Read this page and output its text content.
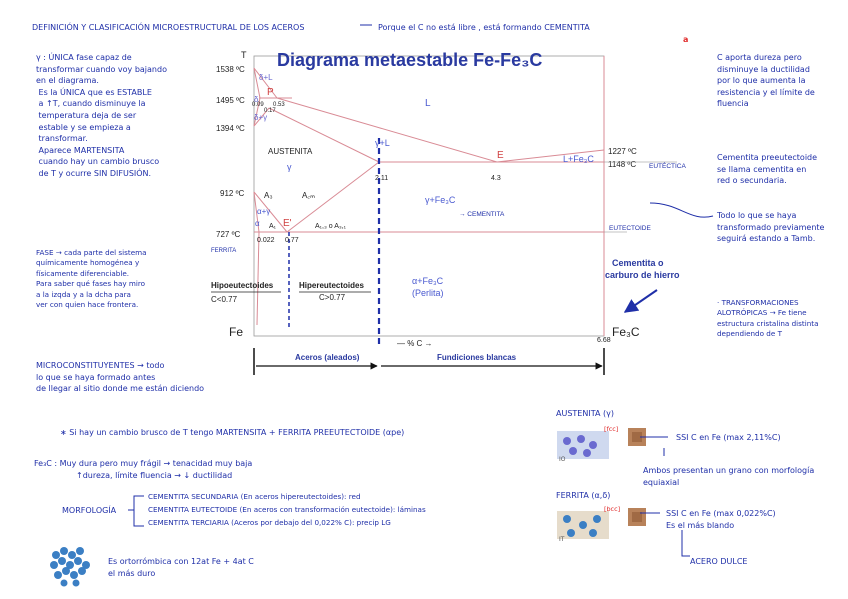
DEFINICIÓN Y CLASIFICACIÓN MICROESTRUCTURAL DE LOS ACEROS	Porque el C no está libre , está formando CEMENTITA
a
γ : ÚNICA fase capaz de
transformar cuando voy bajando
en el diagrama.
Es la ÚNICA que es ESTABLE
a ↑T, cuando disminuye la
temperatura deja de ser
estable y se empieza a
transformar.
Aparece MARTENSITA
cuando hay un cambio brusco
de T y ocurre SIN DIFUSIÓN.
FASE → cada parte del sistema
químicamente homogénea y
físicamente diferenciable.
Para saber qué fases hay miro
a la izqda y a la dcha para
ver con quien hace frontera.
MICROCONSTITUYENTES → todo
lo que se haya formado antes
de llegar al sitio donde me están diciendo
C aporta dureza pero
disminuye la ductilidad
por lo que aumenta la
resistencia y el límite de
fluencia
Cementita preeutectoide
se llama cementita en
red o secundaria.
Todo lo que se haya
transformado previamente
seguirá estando a Tamb.
· TRANSFORMACIONES
ALOTRÓPICAS → Fe tiene
estructura cristalina distinta
dependiendo de T
Diagrama metaestable Fe-Fe₃C
T
1538 ºC
1495 ºC
1394 ºC
912 ºC
727 ºC
1227 ºC
1148 ºC
δ+L
L
δ+γ
δ
AUSTENITA
γ
γ+L
L+Fe₃C
A₃	A꜀ₘ
α+γ
α A₁	A₁,₃ o A₃,₁
γ+Fe₃C
α+Fe₃C
(Perlita)
P
E
E'
0.09
0.17
0.53
0.022 0.77
2.11	4.3
6.68
Hipoeutectoides
C<0.77
Hipereutectoides
C>0.77
Cementita o
carburo de hierro
Fe	Fe₃C
— % C →
Aceros (aleados)	Fundiciones blancas
FERRITA
→ CEMENTITA
EUTÉCTICA
EUTECTOIDE
∗ Si hay un cambio brusco de T tengo MARTENSITA + FERRITA PREEUTECTOIDE (αpe)
Fe₃C : Muy dura pero muy frágil → tenacidad muy baja
↑dureza, límite fluencia → ↓ ductilidad
MORFOLOGÍA
CEMENTITA SECUNDARIA (En aceros hipereutectoides): red
CEMENTITA EUTECTOIDE (En aceros con transformación eutectoide): láminas
CEMENTITA TERCIARIA (Aceros por debajo del 0,022% C): precip LG
Es ortorrómbica con 12at Fe + 4at C
el más duro
AUSTENITA (γ)
IO
[fcc]
SSI C en Fe (max 2,11%C)
Ambos presentan un grano con morfología
equiaxial
FERRITA (α,δ)
IT
[bcc]	SSI C en Fe (max 0,022%C)
Es el más blando
ACERO DULCE
